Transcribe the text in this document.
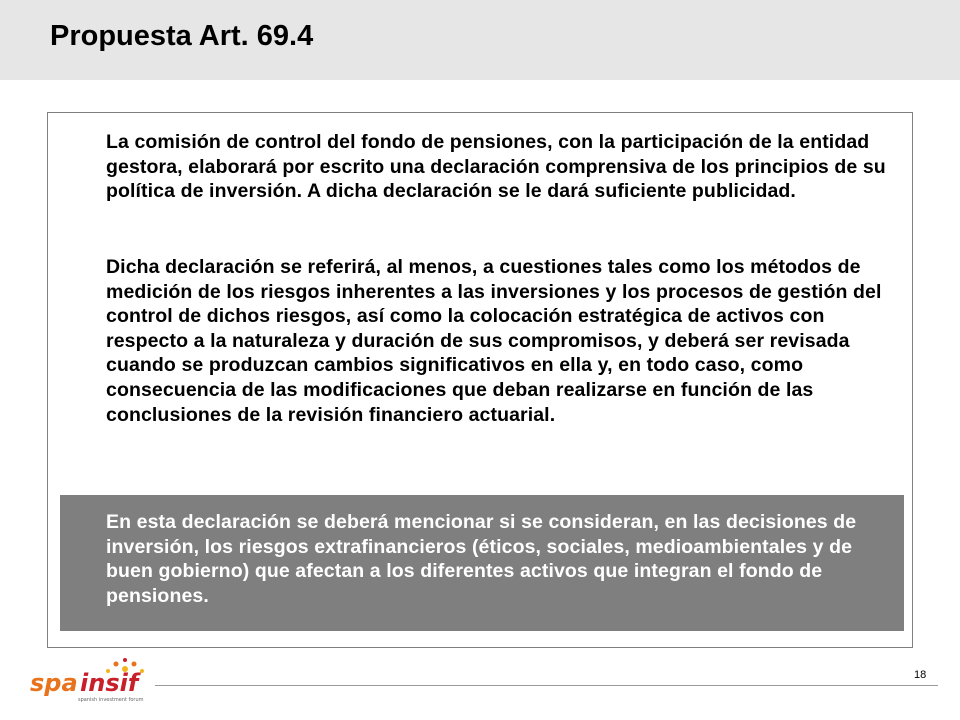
Propuesta Art. 69.4
La comisión de control del fondo de pensiones, con la participación de la entidad gestora, elaborará por escrito una declaración comprensiva de los principios de su política de inversión. A dicha declaración se le dará suficiente publicidad.
Dicha declaración se referirá, al menos, a cuestiones tales como los métodos de medición de los riesgos inherentes a las inversiones y los procesos de gestión del control de dichos riesgos, así como la colocación estratégica de activos con respecto a la naturaleza y duración de sus compromisos, y deberá ser revisada cuando se produzcan cambios significativos en ella y, en todo caso, como consecuencia de las modificaciones que deban realizarse en función de las conclusiones de la revisión financiero actuarial.
En esta declaración se deberá mencionar si se consideran, en las decisiones de inversión, los riesgos extrafinancieros (éticos, sociales, medioambientales y de buen gobierno) que afectan a los diferentes activos que integran el fondo de pensiones.
spa insif
spanish investment forum
18
